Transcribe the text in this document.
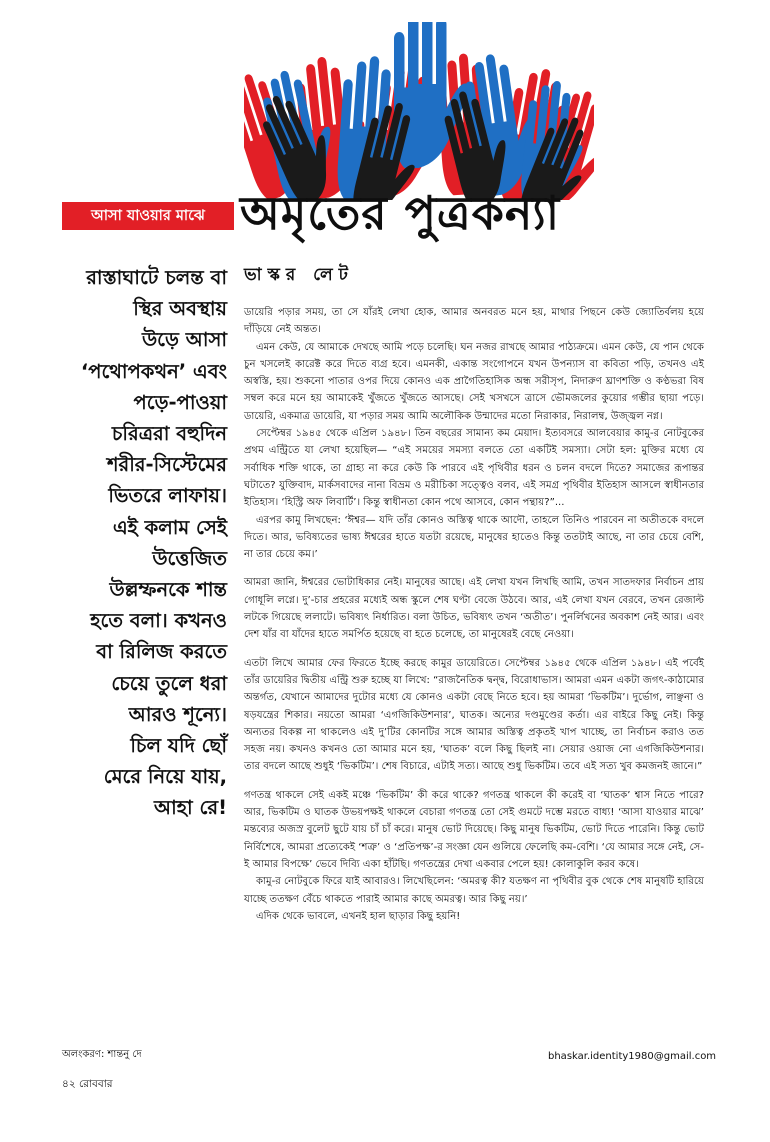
আসা যাওয়ার মাঝে অমৃতের পুত্রকন্যা
রাস্তাঘাটে চলন্ত বা
স্থির অবস্থায়
উড়ে আসা
‘পথোপকথন’ এবং
পড়ে-পাওয়া
চরিত্ররা বহুদিন
শরীর-সিস্টেমের
ভিতরে লাফায়।
এই কলাম সেই
উত্তেজিত
উল্লম্ফনকে শান্ত
হতে বলা। কখনও
বা রিলিজ করতে
চেয়ে তুলে ধরা
আরও শূন্যে।
চিল যদি ছোঁ
মেরে নিয়ে যায়,
আহা রে!
ভাস্কর লেট

ডায়েরি পড়ার সময়, তা সে যাঁরই লেখা হোক, আমার অনবরত মনে হয়, মাথার পিছনে কেউ জ্যোতির্বলয় হয়ে দাঁড়িয়ে নেই অন্তত।

এমন কেউ, যে আমাকে দেখছে আমি পড়ে চলেছি। ঘন নজর রাখছে আমার পাঠ্যক্রমে। এমন কেউ, যে পান থেকে চুন খসলেই কারেক্ট করে দিতে ব্যগ্র হবে। এমনকী, একান্ত সংগোপনে যখন উপন্যাস বা কবিতা পড়ি, তখনও এই অস্বস্তি, হয়। শুকনো পাতার ওপর দিয়ে কোনও এক প্রাগৈতিহাসিক অন্ধ সরীসৃপ, নিদারুণ ঘ্রাণশক্তি ও কণ্ঠভরা বিষ সম্বল করে মনে হয় আমাকেই খুঁজতে খুঁজতে আসছে। সেই খসখসে ত্রাসে ভৌমজলের কুয়োর গম্ভীর ছায়া পড়ে। ডায়েরি, একমাত্র ডায়েরি, যা পড়ার সময় আমি অলৌকিক উন্মাদের মতো নিরাকার, নিরালম্ব, উজ্জ্বল নগ্ন।

সেপ্টেম্বর ১৯৪৫ থেকে এপ্রিল ১৯৪৮। তিন বছরের সামান্য কম মেয়াদ। ইত্যবসরে আলবেয়ার কামু-র নোটবুকের প্রথম এন্ট্রিতে যা লেখা হয়েছিল— “এই সময়ের সমস্যা বলতে তো একটিই সমস্যা। সেটা হল: মুক্তির মধ্যে যে সর্বাধিক শক্তি থাকে, তা গ্রাহ্য না করে কেউ কি পারবে এই পৃথিবীর ধরন ও চলন বদলে দিতে? সমাজের রূপান্তর ঘটাতে? যুক্তিবাদ, মার্কসবাদের নানা বিভ্রম ও মরীচিকা সত্ত্বেও বলব, এই সমগ্র পৃথিবীর ইতিহাস আসলে স্বাধীনতার ইতিহাস। ‘হিস্ট্রি অফ লিবার্টি’। কিন্তু স্বাধীনতা কোন পথে আসবে, কোন পন্থায়?”...

এরপর কামু লিখছেন: ‘ঈশ্বর— যদি তাঁর কোনও অস্তিত্ব থাকে আদৌ, তাহলে তিনিও পারবেন না অতীতকে বদলে দিতে। আর, ভবিষ্যতের ভাষ্য ঈশ্বরের হাতে যতটা রয়েছে, মানুষের হাতেও কিন্তু ততটাই আছে, না তার চেয়ে বেশি, না তার চেয়ে কম।’

আমরা জানি, ঈশ্বরের ভোটাধিকার নেই। মানুষের আছে। এই লেখা যখন লিখছি আমি, তখন সাতদফার নির্বাচন প্রায় গোধূলি লগ্নে। দু’-চার প্রহরের মধ্যেই অন্ধ স্কুলে শেষ ঘণ্টা বেজে উঠবে। আর, এই লেখা যখন বেরবে, তখন রেজাল্ট লটকে গিয়েছে ললাটে। ভবিষ্যৎ নির্ধারিত। বলা উচিত, ভবিষ্যৎ তখন ‘অতীত’। পুনর্লিখনের অবকাশ নেই আর। এবং দেশ যাঁর বা যাঁদের হাতে সমর্পিত হয়েছে বা হতে চলেছে, তা মানুষেরই বেছে নেওয়া।

এতটা লিখে আমার ফের ফিরতে ইচ্ছে করছে কামুর ডায়েরিতে। সেপ্টেম্বর ১৯৪৫ থেকে এপ্রিল ১৯৪৮। এই পর্বেই তাঁর ডায়েরির দ্বিতীয় এন্ট্রি শুরু হচ্ছে যা লিখে: “রাজনৈতিক দ্বন্দ্ব, বিরোধাভাস। আমরা এমন একটা জগৎ-কাঠামোর অন্তর্গত, যেখানে আমাদের দুটোর মধ্যে যে কোনও একটা বেছে নিতে হবে। হয় আমরা ‘ভিকটিম’। দুর্ভোগ, লাঞ্ছনা ও ষড়যন্ত্রের শিকার। নয়তো আমরা ‘এগজিকিউশনার’, ঘাতক। অন্যের দণ্ডমুণ্ডের কর্তা। এর বাইরে কিছু নেই। কিন্তু অন্যতর বিকল্প না থাকলেও এই দু’টির কোনটির সঙ্গে আমার অস্তিত্ব প্রকৃতই খাপ খাচ্ছে, তা নির্বাচন করাও তত সহজ নয়। কখনও কখনও তো আমার মনে হয়, ‘ঘাতক’ বলে কিছু ছিলই না। সেয়ার ওয়াজ নো এগজিকিউশনার। তার বদলে আছে শুধুই ‘ভিকটিম’। শেষ বিচারে, এটাই সত্য। আছে শুধু ভিকটিম। তবে এই সত্য খুব কমজনই জানে।”

গণতন্ত্র থাকলে সেই একই মঞ্চে ‘ভিকটিম’ কী করে থাকে? গণতন্ত্র থাকলে কী করেই বা ‘ঘাতক’ শ্বাস নিতে পারে? আর, ভিকটিম ও ঘাতক উভয়পক্ষই থাকলে বেচারা গণতন্ত্র তো সেই গুমটে দম্ভে মরতে বাধ্য! ‘আসা যাওয়ার মাঝে’ মন্তব্যের অজস্র বুলেট ছুটে যায় চাঁ চাঁ করে। মানুষ ভোট দিয়েছে। কিছু মানুষ ভিকটিম, ভোট দিতে পারেনি। কিন্তু ভোট নির্বিশেষে, আমরা প্রত্যেকেই ‘শত্রু’ ও ‘প্রতিপক্ষ’-র সংজ্ঞা যেন গুলিয়ে ফেলেছি কম-বেশি। ‘যে আমার সঙ্গে নেই, সে-ই আমার বিপক্ষে’ ভেবে দিব্যি একা হাঁটছি। গণতন্ত্রের দেখা একবার পেলে হয়! কোলাকুলি করব কষে।

কামু-র নোটবুকে ফিরে যাই আবারও। লিখেছিলেন: ‘অমরত্ব কী? যতক্ষণ না পৃথিবীর বুক থেকে শেষ মানুষটি হারিয়ে যাচ্ছে ততক্ষণ বেঁচে থাকতে পারাই আমার কাছে অমরত্ব। আর কিছু নয়।’

এদিক থেকে ভাবলে, এখনই হাল ছাড়ার কিছু হয়নি!

অলংকরণ: শান্তনু দে	bhaskar.identity1980@gmail.com
৪২ রোববার
